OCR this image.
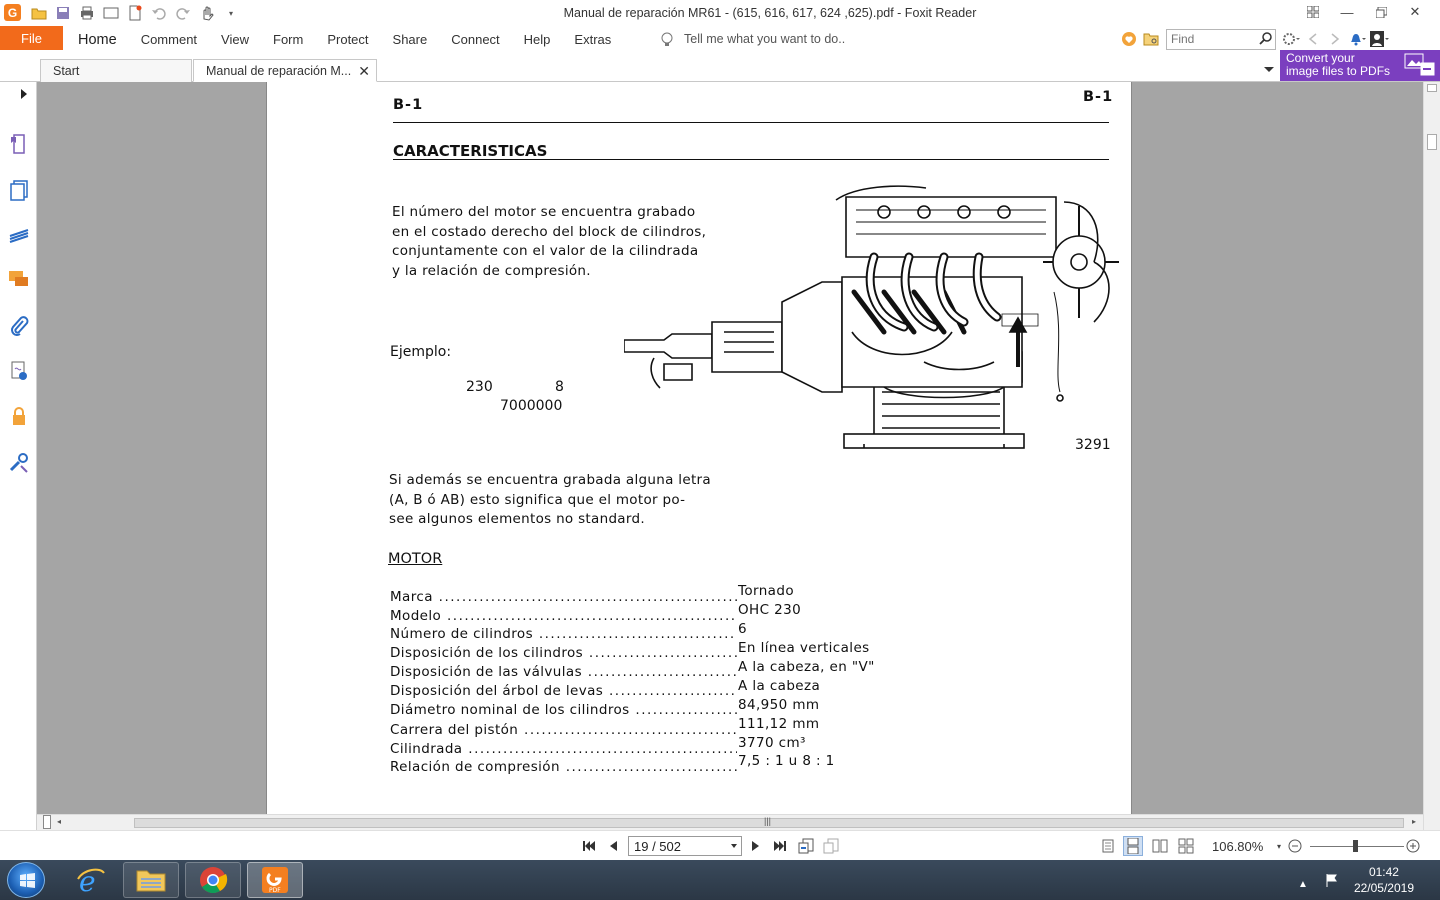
G	▾	Manual de reparación MR61 - (615, 616, 617, 624 ,625).pdf - Foxit Reader	—	✕
File	Home	Comment	View	Form	Protect	Share	Connect	Help	Extras	Tell me what you want to do..
Find
Start	Manual de reparación M... ✕
Convert your
image files to PDFs
B-1	B-1
CARACTERISTICAS
El número del motor se encuentra grabado
en el costado derecho del block de cilindros,
conjuntamente con el valor de la cilindrada
y la relación de compresión.
Ejemplo:
230              8
7000000
3291
Si además se encuentra grabada alguna letra
(A, B ó AB) esto significa que el motor po-
see algunos elementos no standard.
MOTOR
Marca .....	Tornado
Modelo .....	OHC 230
Número de cilindros .....	6
Disposición de los cilindros .....	En línea verticales
Disposición de las válvulas .....	A la cabeza, en "V"
Disposición del árbol de levas .....	A la cabeza
Diámetro nominal de los cilindros .....	84,950 mm
Carrera del pistón .....	111,12 mm
Cilindrada .....	3770 cm³
Relación de compresión .....	7,5 : 1 u 8 : 1
◂	|||	▸
19 / 502
106.80%	▾
e	PDF
▲
01:42
22/05/2019
